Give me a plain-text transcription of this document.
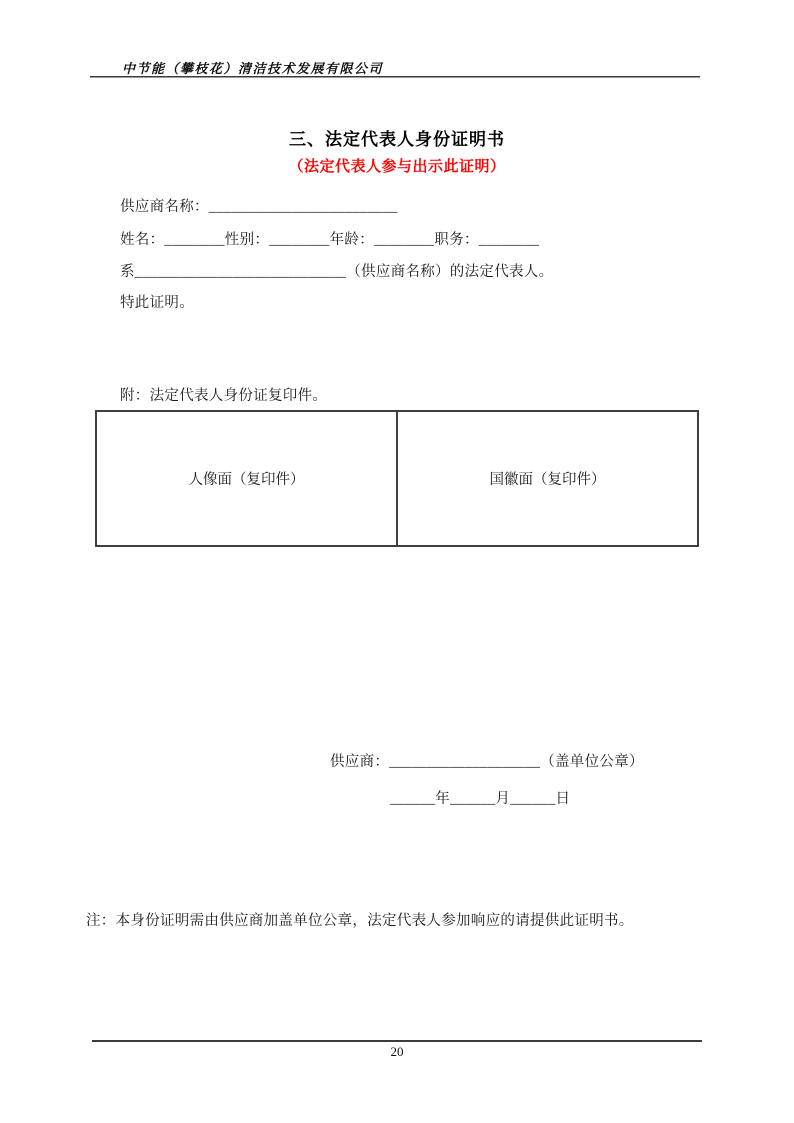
中节能（攀枝花）清洁技术发展有限公司
三、法定代表人身份证明书
（法定代表人参与出示此证明）
供应商名称：_________________________
姓名：________性别：________年龄：________职务：________
系____________________________（供应商名称）的法定代表人。
特此证明。
附：法定代表人身份证复印件。
人像面（复印件）	国徽面（复印件）
供应商：____________________（盖单位公章）
______年______月______日
注：本身份证明需由供应商加盖单位公章，法定代表人参加响应的请提供此证明书。
20
